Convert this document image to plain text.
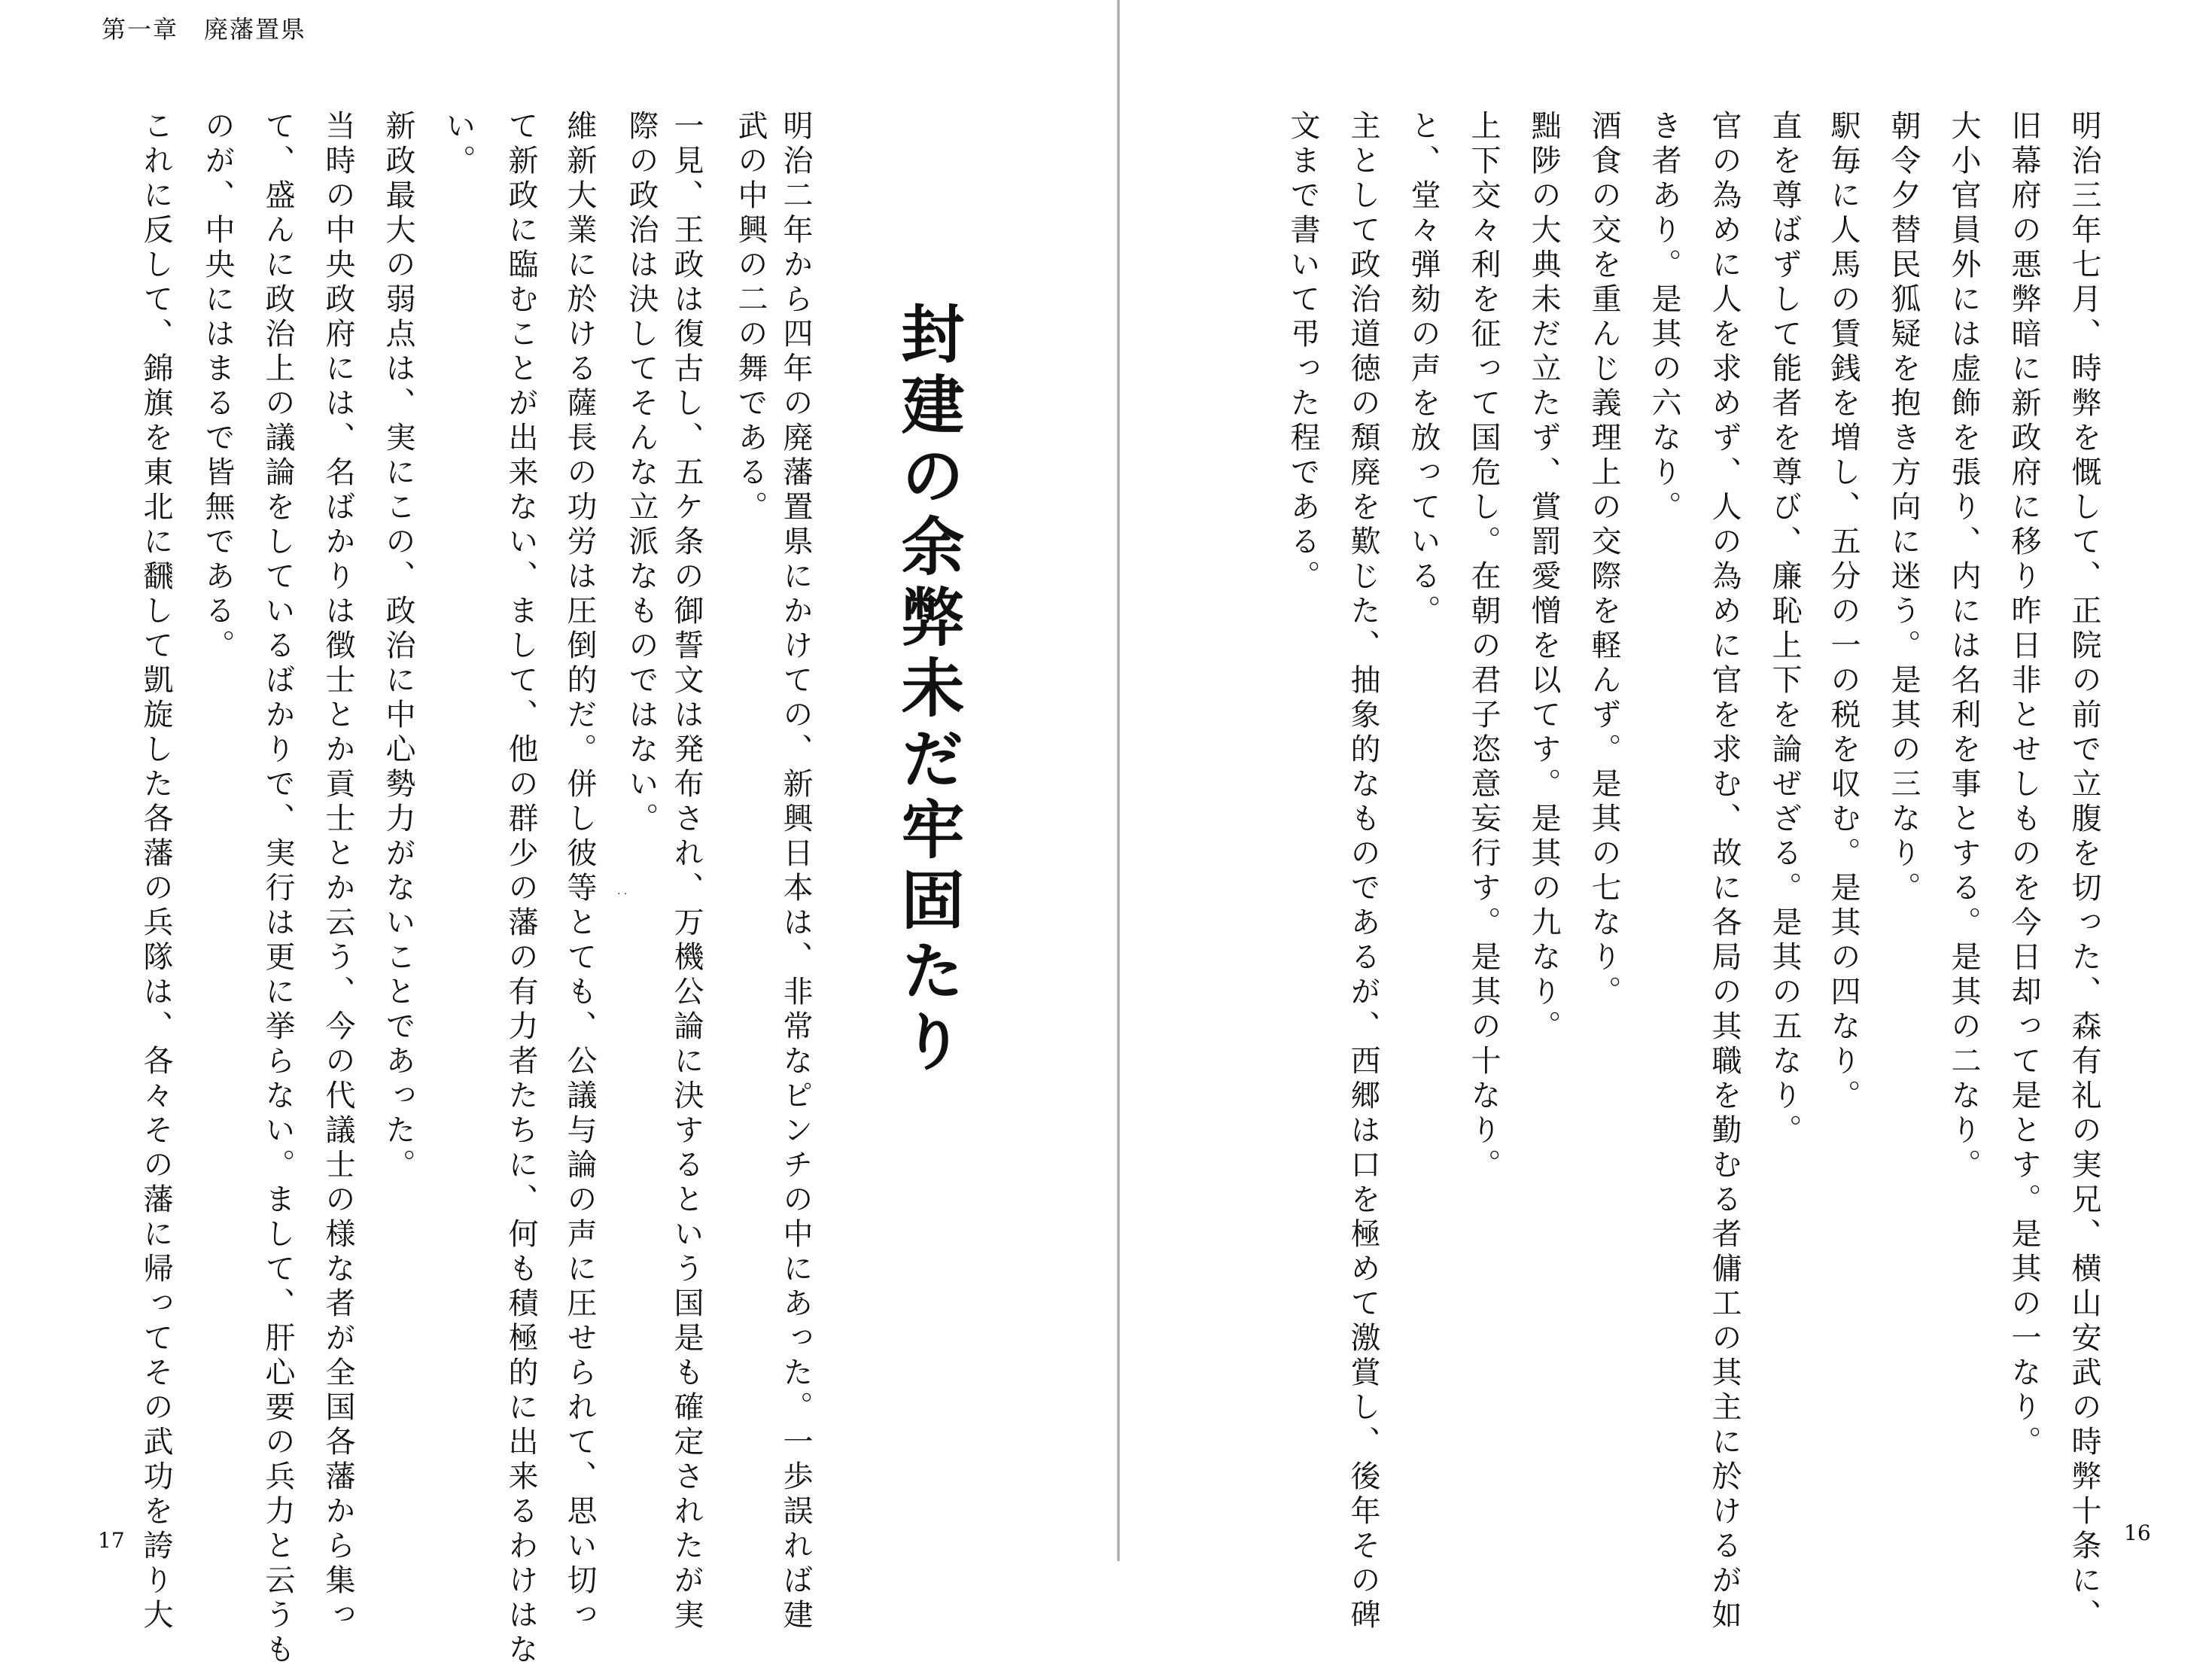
第一章　廃藩置県
封建の余弊未だ牢固たり
明治二年から四年の廃藩置県にかけての、新興日本は、非常なピンチの中にあった。一歩誤れば建
武の中興の二の舞である。
一見、王政は復古し、五ケ条の御誓文は発布され、万機公論に決するという国是も確定されたが実
際の政治は決してそんな立派なものではない。
維新大業に於ける薩長の功労は圧倒的だ。併し彼等とても、公議与論の声に圧せられて、思い切っ
て新政に臨むことが出来ない、まして、他の群少の藩の有力者たちに、何も積極的に出来るわけはな
い。
新政最大の弱点は、実にこの、政治に中心勢力がないことであった。
当時の中央政府には、名ばかりは徴士とか貢士とか云う、今の代議士の様な者が全国各藩から集っ
て、盛んに政治上の議論をしているばかりで、実行は更に挙らない。まして、肝心要の兵力と云うも
のが、中央にはまるで皆無である。
これに反して、錦旗を東北に飜して凱旋した各藩の兵隊は、各々その藩に帰ってその武功を誇り大	· ·
17	明治三年七月、時弊を慨して、正院の前で立腹を切った、森有礼の実兄、横山安武の時弊十条に、
旧幕府の悪弊暗に新政府に移り昨日非とせしものを今日却って是とす。是其の一なり。
大小官員外には虚飾を張り、内には名利を事とする。是其の二なり。
朝令夕替民狐疑を抱き方向に迷う。是其の三なり。
駅毎に人馬の賃銭を増し、五分の一の税を収む。是其の四なり。
直を尊ばずして能者を尊び、廉恥上下を論ぜざる。是其の五なり。
官の為めに人を求めず、人の為めに官を求む、故に各局の其職を勤むる者傭工の其主に於けるが如
き者あり。是其の六なり。
酒食の交を重んじ義理上の交際を軽んず。是其の七なり。
黜陟の大典未だ立たず、賞罰愛憎を以てす。是其の九なり。
上下交々利を征って国危し。在朝の君子恣意妄行す。是其の十なり。
と、堂々弾劾の声を放っている。
主として政治道徳の頽廃を歎じた、抽象的なものであるが、西郷は口を極めて激賞し、後年その碑
文まで書いて弔った程である。
16
